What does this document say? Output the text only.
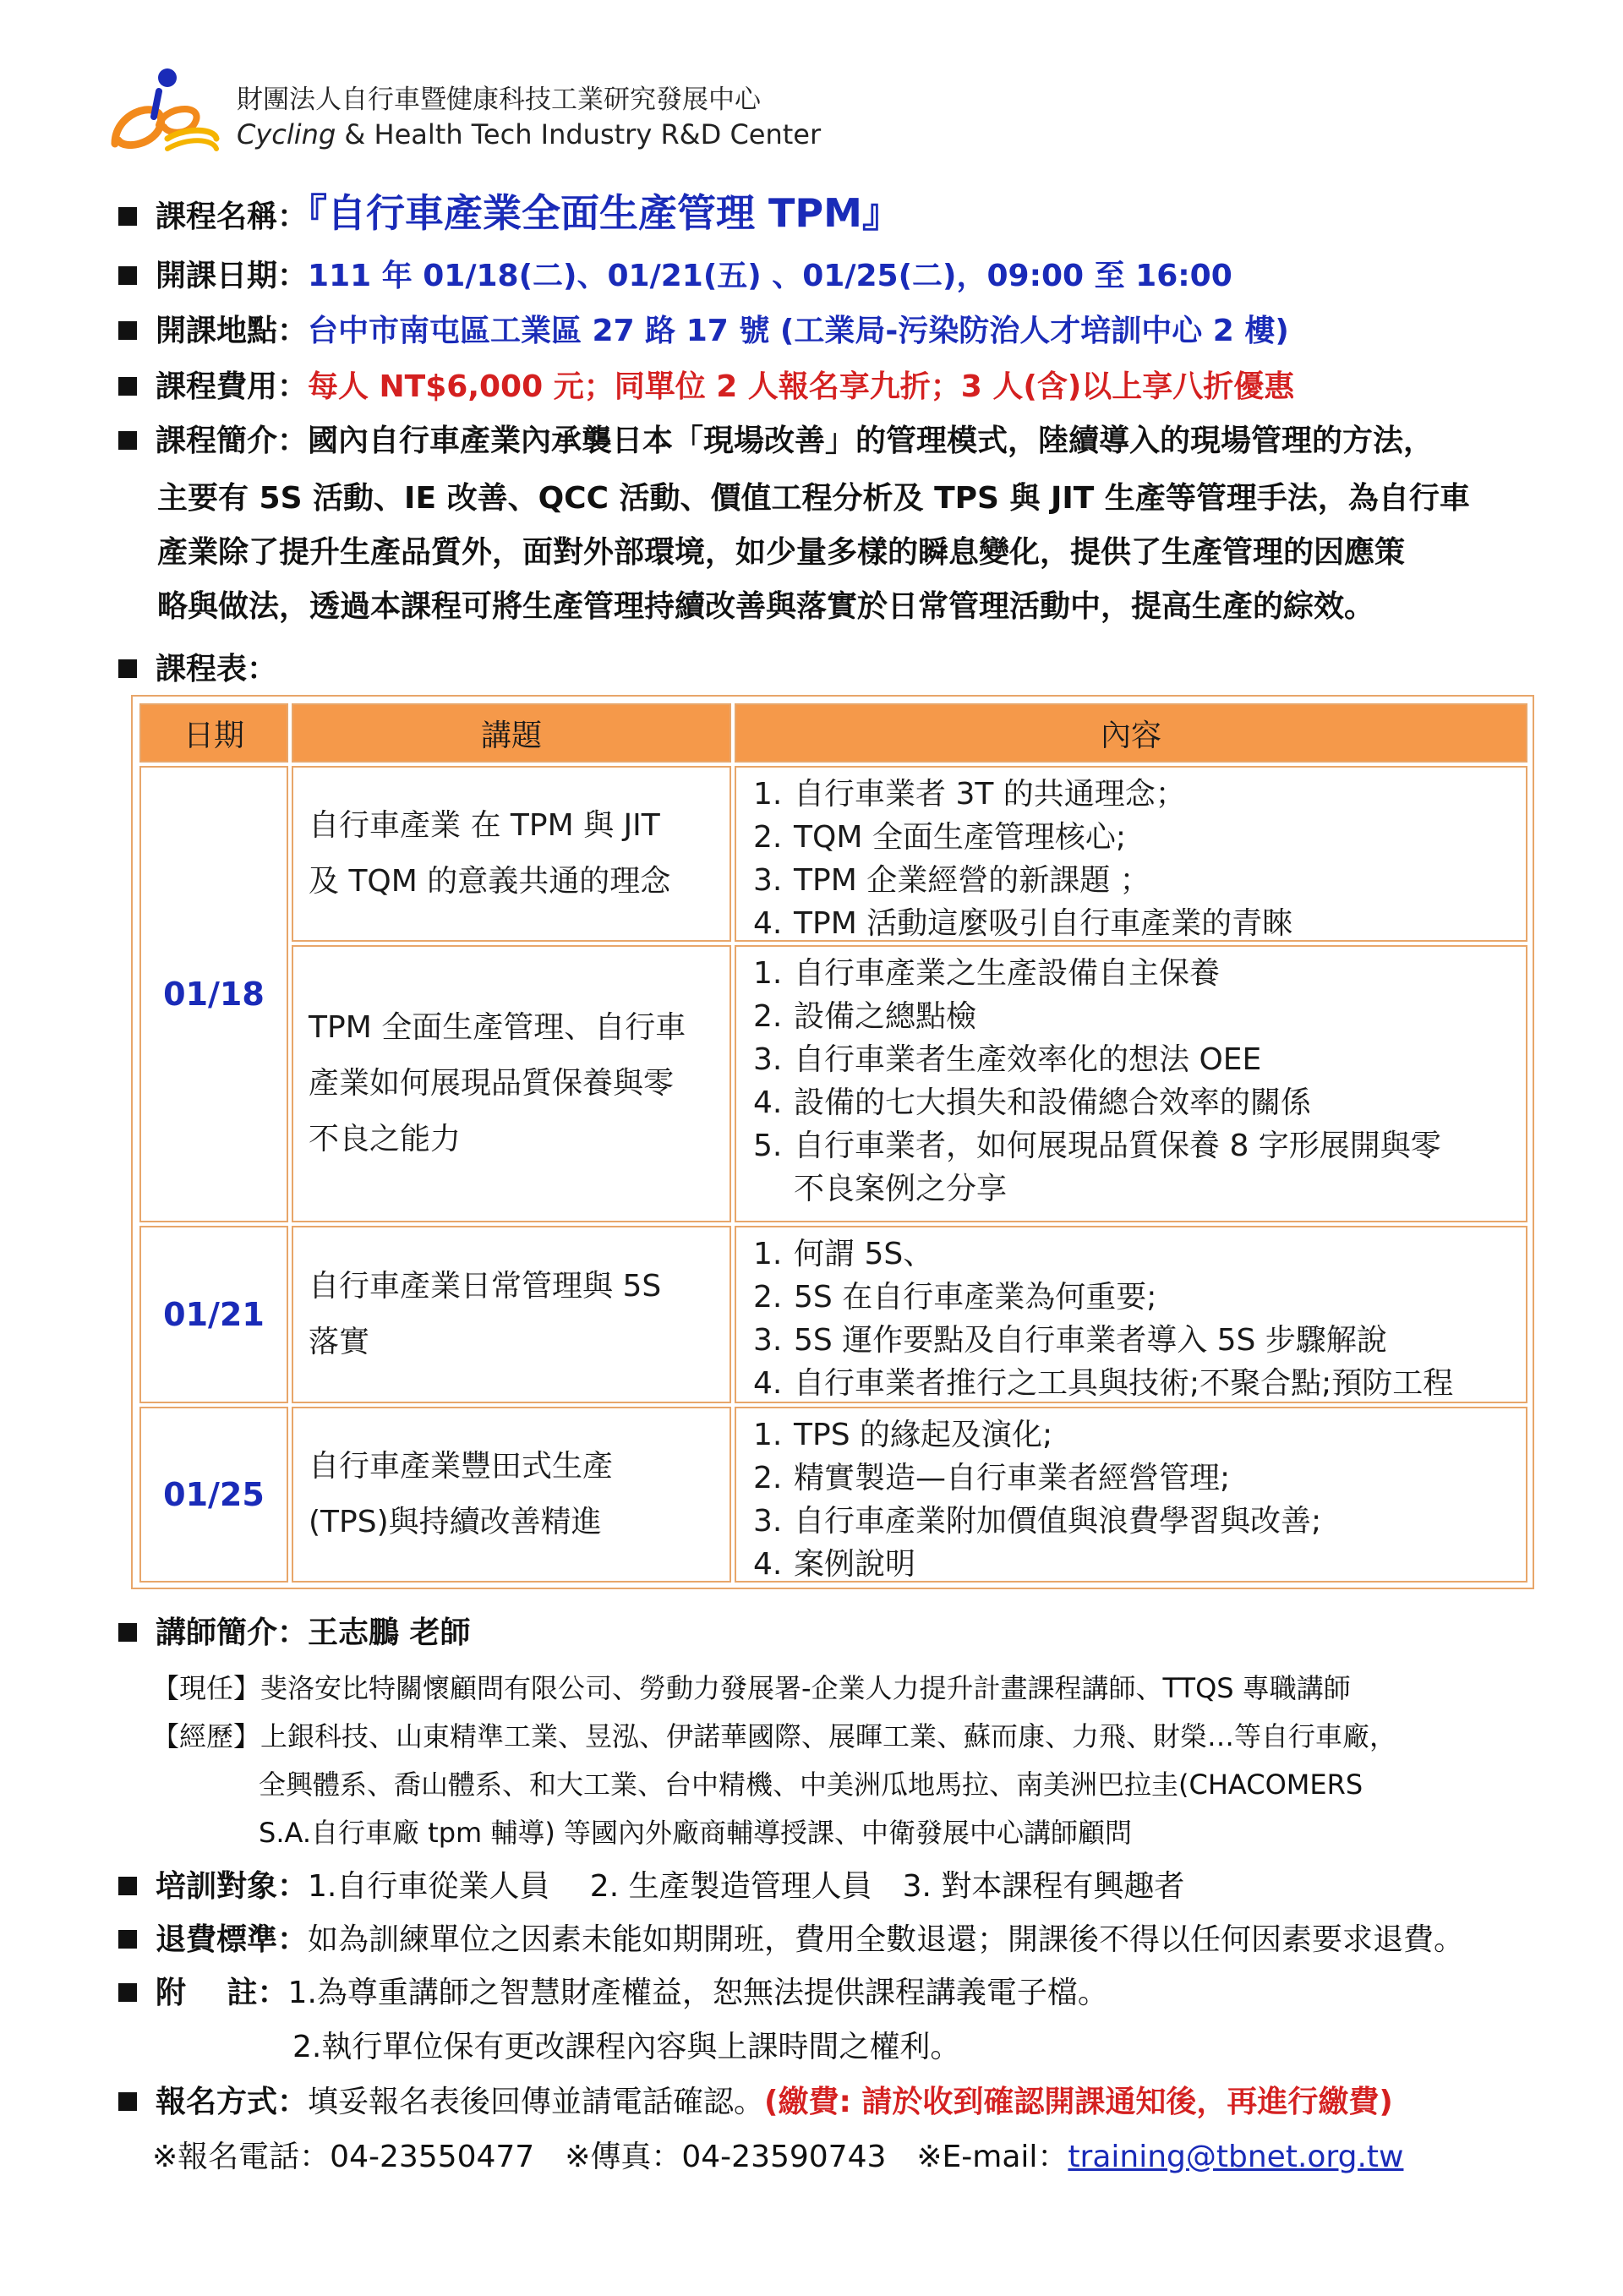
財團法人自行車暨健康科技工業研究發展中心
Cycling & Health Tech Industry R&D Center
課程名稱：『自行車產業全面生產管理 TPM』
開課日期：111 年 01/18(二)、01/21(五) 、01/25(二)，09:00 至 16:00
開課地點：台中市南屯區工業區 27 路 17 號 (工業局-污染防治人才培訓中心 2 樓)
課程費用：每人 NT$6,000 元；同單位 2 人報名享九折；3 人(含)以上享八折優惠
課程簡介：國內自行車產業內承襲日本「現場改善」的管理模式，陸續導入的現場管理的方法，
主要有 5S 活動、IE 改善、QCC 活動、價值工程分析及 TPS 與 JIT 生產等管理手法，為自行車
產業除了提升生產品質外，面對外部環境，如少量多樣的瞬息變化，提供了生產管理的因應策
略與做法，透過本課程可將生產管理持續改善與落實於日常管理活動中，提高生產的綜效。
課程表：
日期	講題	內容
01/18
01/21
01/25
自行車產業 在 TPM 與 JIT
及 TQM 的意義共通的理念
1. 自行車業者 3T 的共通理念；
2. TQM 全面生產管理核心;
3. TPM 企業經營的新課題 ；
4. TPM 活動這麼吸引自行車產業的青睞
TPM 全面生產管理、自行車
產業如何展現品質保養與零
不良之能力
1. 自行車產業之生產設備自主保養
2. 設備之總點檢
3. 自行車業者生產效率化的想法 OEE
4. 設備的七大損失和設備總合效率的關係
5. 自行車業者，如何展現品質保養 8 字形展開與零
不良案例之分享
自行車產業日常管理與 5S
落實
1. 何謂 5S、
2. 5S 在自行車產業為何重要;
3. 5S 運作要點及自行車業者導入 5S 步驟解說
4. 自行車業者推行之工具與技術;不聚合點;預防工程
自行車產業豐田式生產
(TPS)與持續改善精進
1. TPS 的緣起及演化;
2. 精實製造—自行車業者經營管理;
3. 自行車產業附加價值與浪費學習與改善;
4. 案例說明
講師簡介：王志鵬 老師
【現任】斐洛安比特關懷顧問有限公司、勞動力發展署-企業人力提升計畫課程講師、TTQS 專職講師
【經歷】上銀科技、山東精準工業、昱泓、伊諾華國際、展暉工業、蘇而康、力飛、財榮…等自行車廠，
全興體系、喬山體系、和大工業、台中精機、中美洲瓜地馬拉、南美洲巴拉圭(CHACOMERS
S.A.自行車廠 tpm 輔導) 等國內外廠商輔導授課、中衛發展中心講師顧問
培訓對象：1.自行車從業人員　 2. 生產製造管理人員　3. 對本課程有興趣者
退費標準：如為訓練單位之因素未能如期開班，費用全數退還；開課後不得以任何因素要求退費。
附　 註：1.為尊重講師之智慧財產權益，恕無法提供課程講義電子檔。
2.執行單位保有更改課程內容與上課時間之權利。
報名方式：填妥報名表後回傳並請電話確認。(繳費: 請於收到確認開課通知後，再進行繳費)
※報名電話：04-23550477　※傳真：04-23590743　※E-mail：training@tbnet.org.tw
